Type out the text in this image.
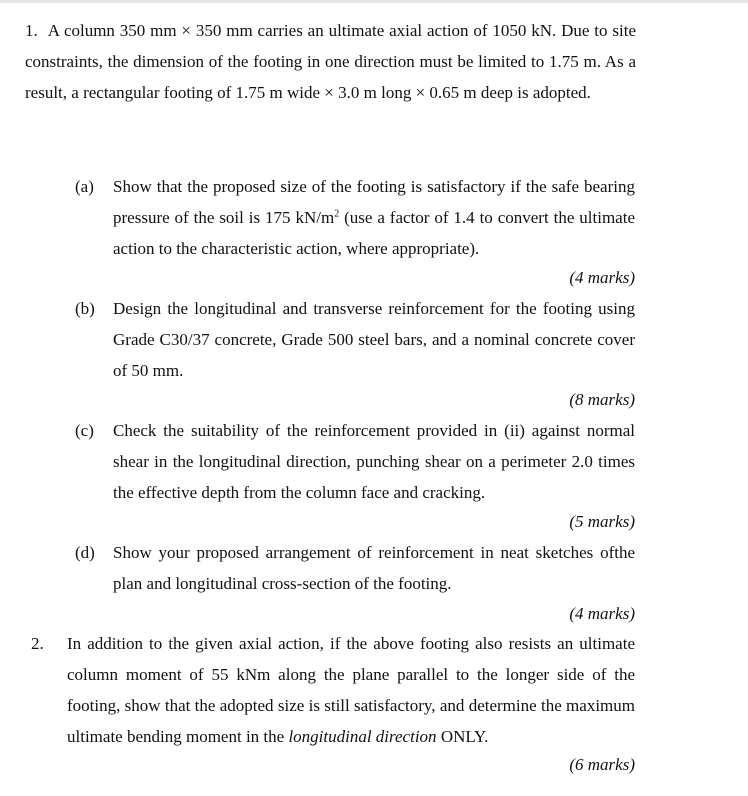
1. A column 350 mm × 350 mm carries an ultimate axial action of 1050 kN. Due to site constraints, the dimension of the footing in one direction must be limited to 1.75 m. As a result, a rectangular footing of 1.75 m wide × 3.0 m long × 0.65 m deep is adopted.
(a) Show that the proposed size of the footing is satisfactory if the safe bearing pressure of the soil is 175 $kN/m^2$ (use a factor of 1.4 to convert the ultimate action to the characteristic action, where appropriate).
(4 marks)
(b) Design the longitudinal and transverse reinforcement for the footing using Grade C30/37 concrete, Grade 500 steel bars, and a nominal concrete cover of 50 mm.
(8 marks)
(c) Check the suitability of the reinforcement provided in (ii) against normal shear in the longitudinal direction, punching shear on a perimeter 2.0 times the effective depth from the column face and cracking.
(5 marks)
(d) Show your proposed arrangement of reinforcement in neat sketches ofthe plan and longitudinal cross-section of the footing.
(4 marks)
2. In addition to the given axial action, if the above footing also resists an ultimate column moment of 55 kNm along the plane parallel to the longer side of the footing, show that the adopted size is still satisfactory, and determine the maximum ultimate bending moment in the longitudinal direction ONLY.

(6 marks)
